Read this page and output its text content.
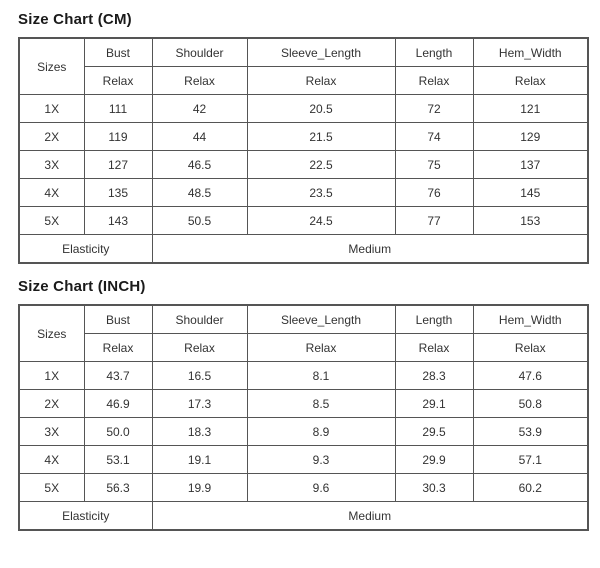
Size Chart (CM)
Sizes	Bust	Shoulder	Sleeve_Length	Length	Hem_Width
	Relax	Relax	Relax	Relax	Relax
1X	111	42	20.5	72	121
2X	119	44	21.5	74	129
3X	127	46.5	22.5	75	137
4X	135	48.5	23.5	76	145
5X	143	50.5	24.5	77	153
Elasticity		Medium			
Size Chart (INCH)
Sizes	Bust	Shoulder	Sleeve_Length	Length	Hem_Width
	Relax	Relax	Relax	Relax	Relax
1X	43.7	16.5	8.1	28.3	47.6
2X	46.9	17.3	8.5	29.1	50.8
3X	50.0	18.3	8.9	29.5	53.9
4X	53.1	19.1	9.3	29.9	57.1
5X	56.3	19.9	9.6	30.3	60.2
Elasticity		Medium			
